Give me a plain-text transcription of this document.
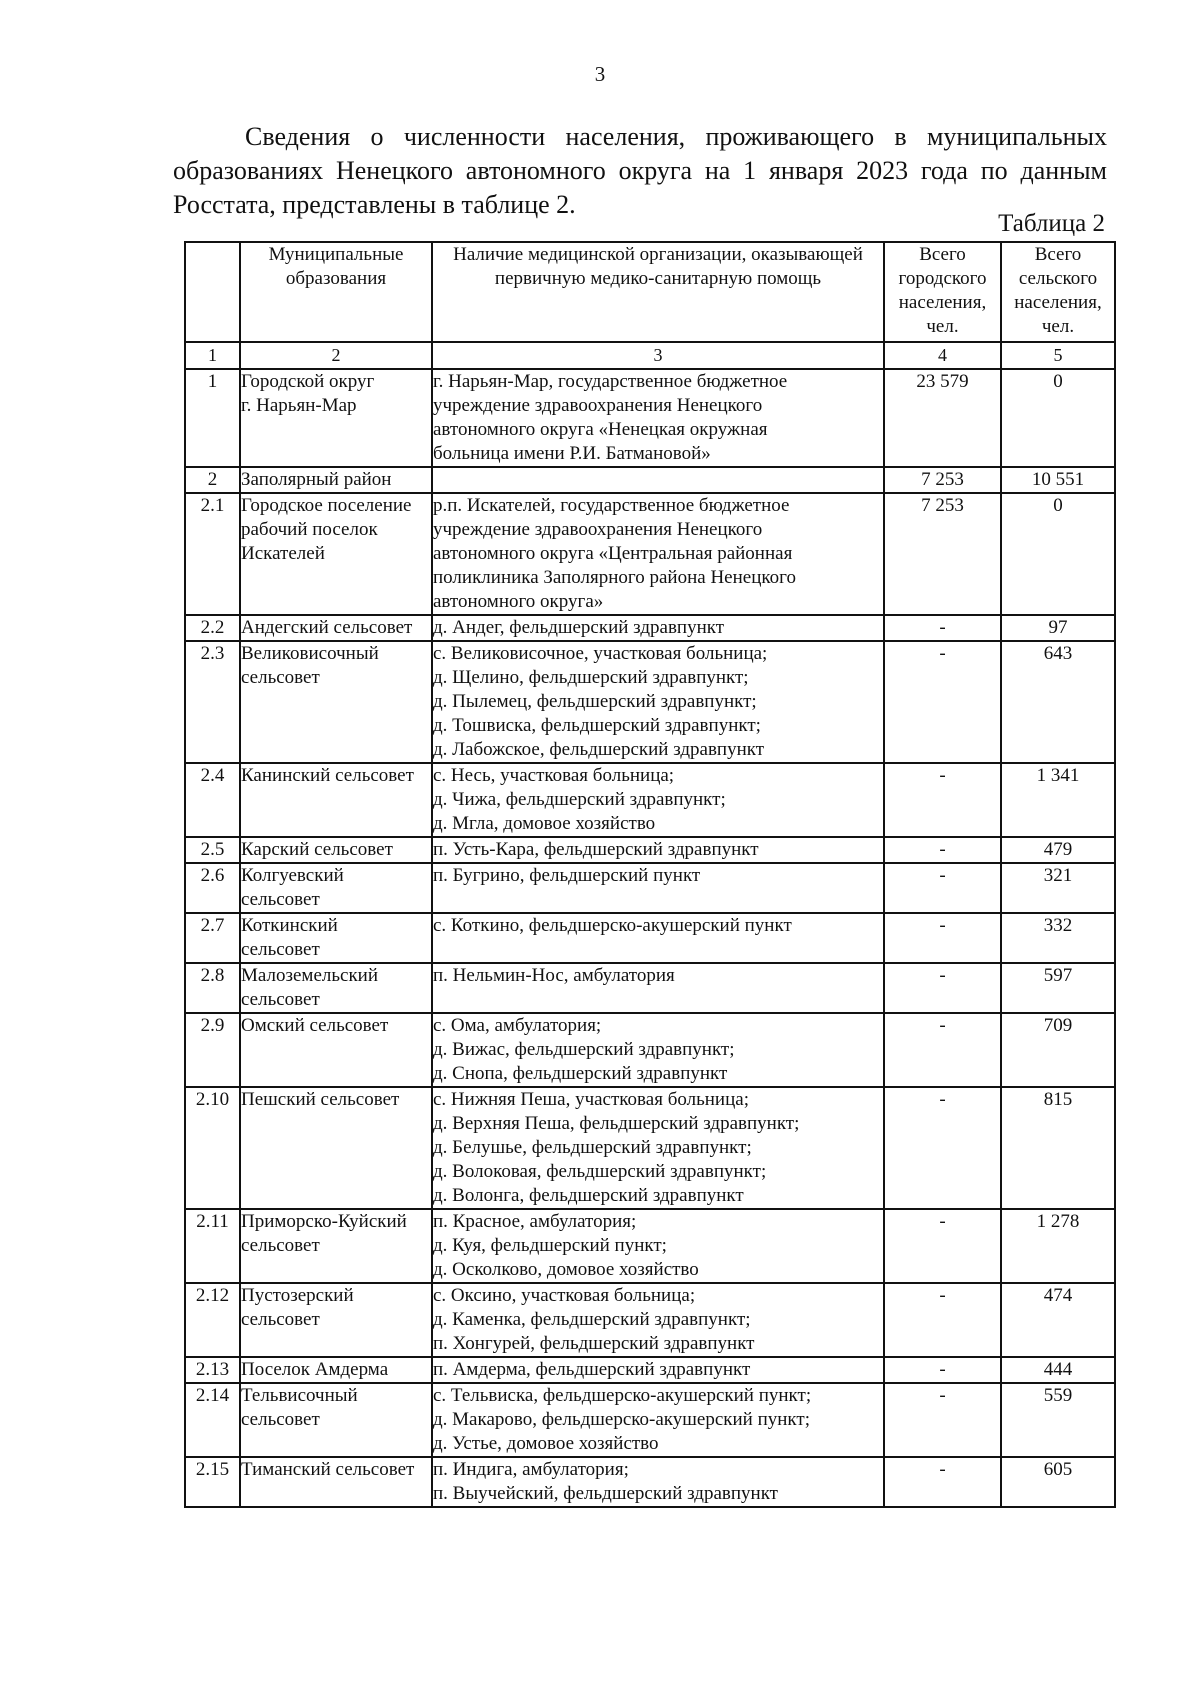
3

Сведения о численности населения, проживающего в муниципальных образованиях Ненецкого автономного округа на 1 января 2023 года по данным Росстата, представлены в таблице 2.

Таблица 2
	Муниципальные образования	Наличие медицинской организации, оказывающей первичную медико-санитарную помощь	Всего городского населения, чел.	Всего сельского населения, чел.
1	2	3	4	5
1	Городской округ
г. Нарьян-Мар	г. Нарьян-Мар, государственное бюджетное
учреждение здравоохранения Ненецкого
автономного округа «Ненецкая окружная
больница имени Р.И. Батмановой»	23 579	0
2	Заполярный район		7 253	10 551
2.1	Городское поселение
рабочий поселок
Искателей	р.п. Искателей, государственное бюджетное
учреждение здравоохранения Ненецкого
автономного округа «Центральная районная
поликлиника Заполярного района Ненецкого
автономного округа»	7 253	0
2.2	Андегский сельсовет	д. Андег, фельдшерский здравпункт	-	97
2.3	Великовисочный
сельсовет	с. Великовисочное, участковая больница;
д. Щелино, фельдшерский здравпункт;
д. Пылемец, фельдшерский здравпункт;
д. Тошвиска, фельдшерский здравпункт;
д. Лабожское, фельдшерский здравпункт	-	643
2.4	Канинский сельсовет	с. Несь, участковая больница;
д. Чижа, фельдшерский здравпункт;
д. Мгла, домовое хозяйство	-	1 341
2.5	Карский сельсовет	п. Усть-Кара, фельдшерский здравпункт	-	479
2.6	Колгуевский
сельсовет	п. Бугрино, фельдшерский пункт	-	321
2.7	Коткинский
сельсовет	с. Коткино, фельдшерско-акушерский пункт	-	332
2.8	Малоземельский
сельсовет	п. Нельмин-Нос, амбулатория	-	597
2.9	Омский сельсовет	с. Ома, амбулатория;
д. Вижас, фельдшерский здравпункт;
д. Снопа, фельдшерский здравпункт	-	709
2.10	Пешский сельсовет	с. Нижняя Пеша, участковая больница;
д. Верхняя Пеша, фельдшерский здравпункт;
д. Белушье, фельдшерский здравпункт;
д. Волоковая, фельдшерский здравпункт;
д. Волонга, фельдшерский здравпункт	-	815
2.11	Приморско-Куйский
сельсовет	п. Красное, амбулатория;
д. Куя, фельдшерский пункт;
д. Осколково, домовое хозяйство	-	1 278
2.12	Пустозерский
сельсовет	с. Оксино, участковая больница;
д. Каменка, фельдшерский здравпункт;
п. Хонгурей, фельдшерский здравпункт	-	474
2.13	Поселок Амдерма	п. Амдерма, фельдшерский здравпункт	-	444
2.14	Тельвисочный
сельсовет	с. Тельвиска, фельдшерско-акушерский пункт;
д. Макарово, фельдшерско-акушерский пункт;
д. Устье, домовое хозяйство	-	559
2.15	Тиманский сельсовет	п. Индига, амбулатория;
п. Выучейский, фельдшерский здравпункт	-	605
